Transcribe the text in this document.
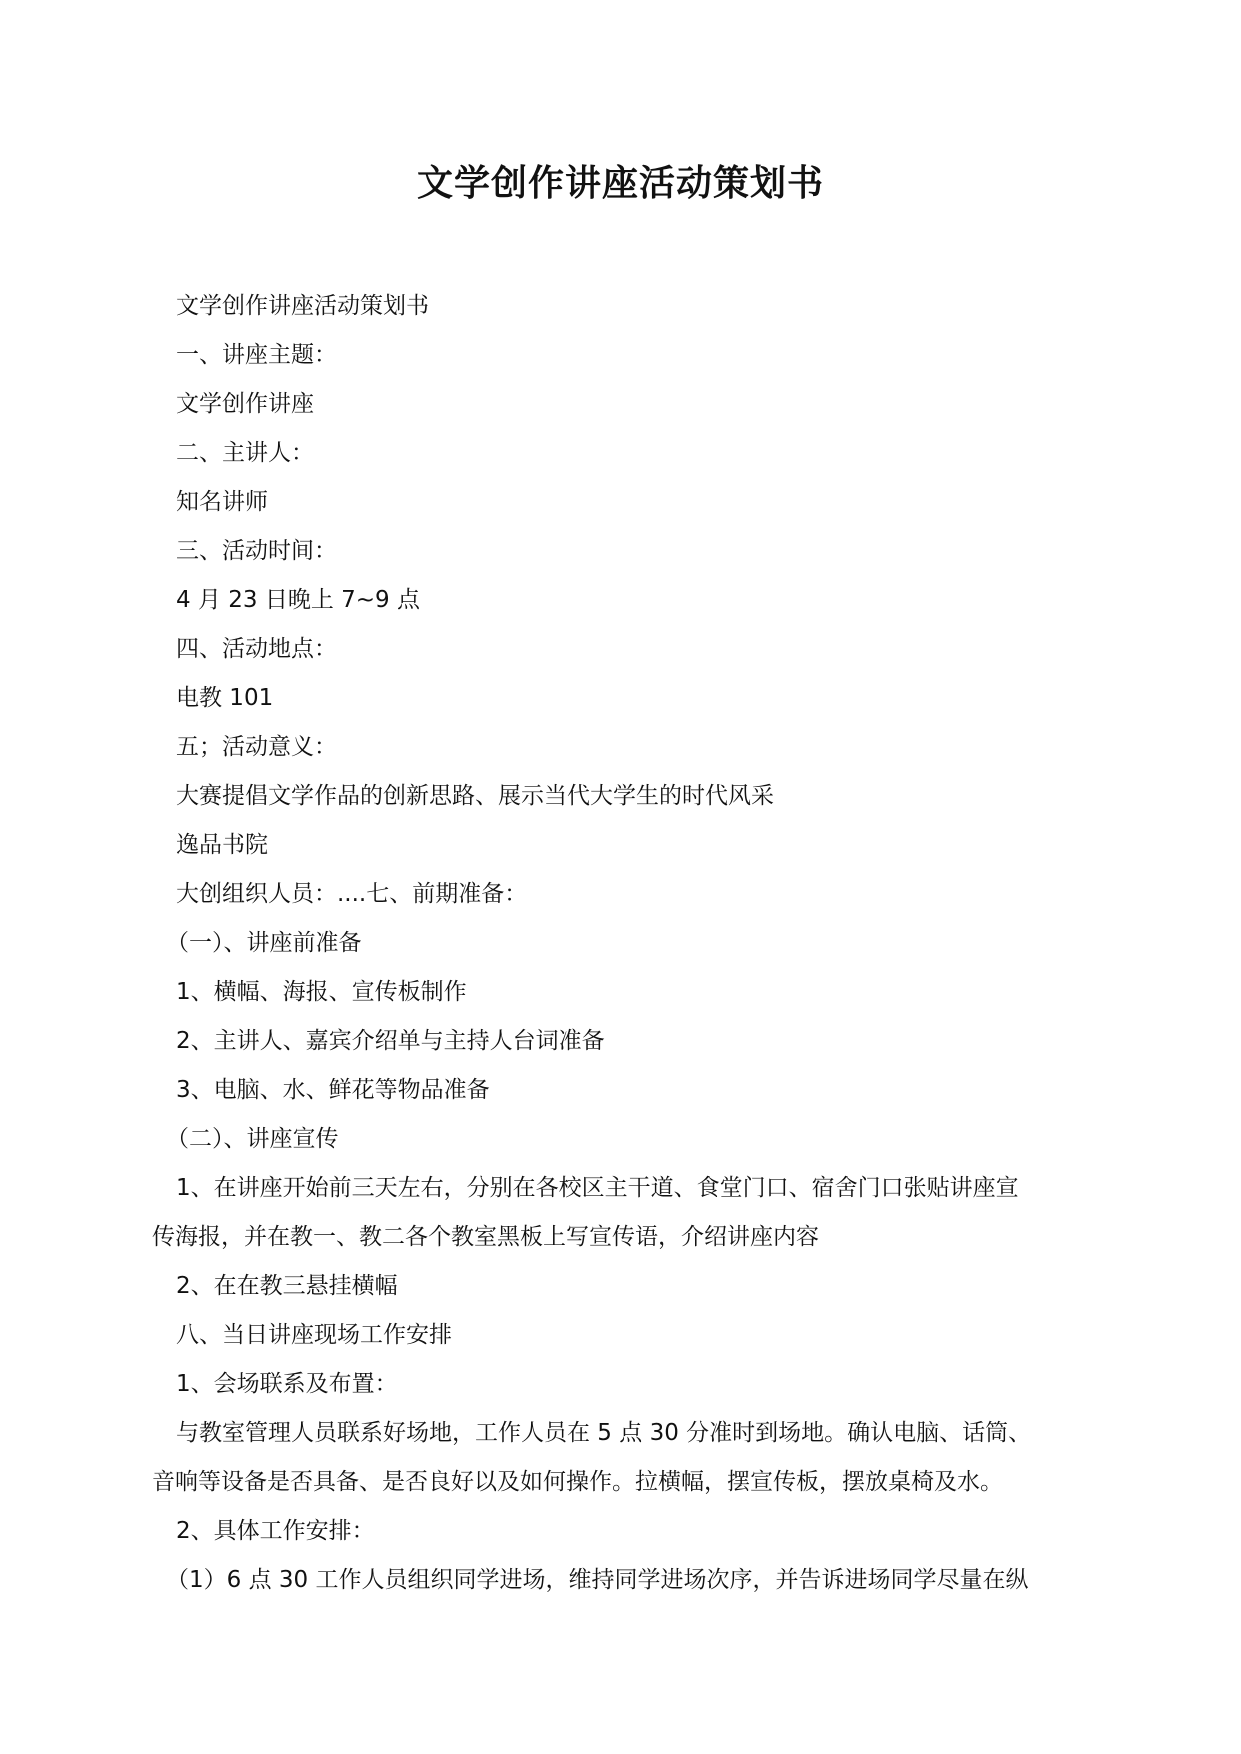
文学创作讲座活动策划书
文学创作讲座活动策划书
一、讲座主题：
文学创作讲座
二、主讲人：
知名讲师
三、活动时间：
4 月 23 日晚上 7~9 点
四、活动地点：
电教 101
五；活动意义：
大赛提倡文学作品的创新思路、展示当代大学生的时代风采
逸品书院
大创组织人员：....七、前期准备：
（一）、讲座前准备
1、横幅、海报、宣传板制作
2、主讲人、嘉宾介绍单与主持人台词准备
3、电脑、水、鲜花等物品准备
（二）、讲座宣传
1、在讲座开始前三天左右，分别在各校区主干道、食堂门口、宿舍门口张贴讲座宣
传海报，并在教一、教二各个教室黑板上写宣传语，介绍讲座内容
2、在在教三悬挂横幅
八、当日讲座现场工作安排
1、会场联系及布置：
与教室管理人员联系好场地，工作人员在 5 点 30 分准时到场地。确认电脑、话筒、
音响等设备是否具备、是否良好以及如何操作。拉横幅，摆宣传板，摆放桌椅及水。
2、具体工作安排：
（1）6 点 30 工作人员组织同学进场，维持同学进场次序，并告诉进场同学尽量在纵
